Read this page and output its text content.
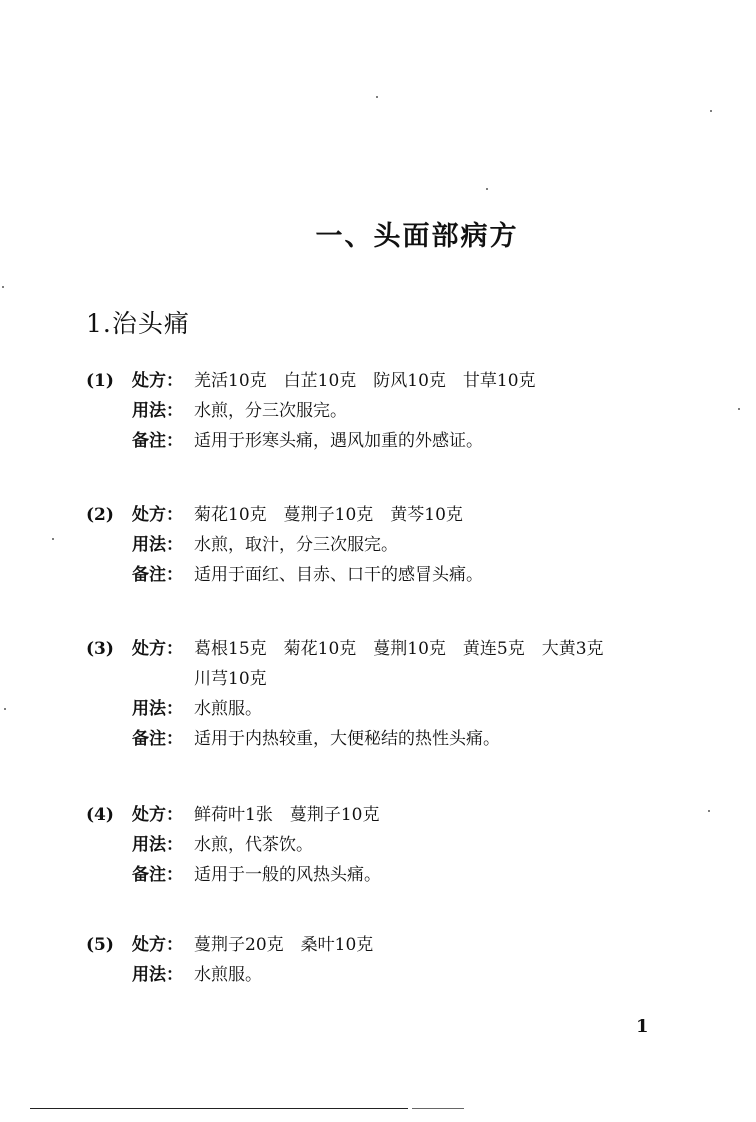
一、头面部病方
1.治头痛
(1)	处方： 羌活10克　白芷10克　防风10克　甘草10克
用法： 水煎，分三次服完。
备注： 适用于形寒头痛，遇风加重的外感证。
(2)	处方： 菊花10克　蔓荆子10克　黄芩10克
用法： 水煎，取汁，分三次服完。
备注： 适用于面红、目赤、口干的感冒头痛。
(3)	处方： 葛根15克　菊花10克　蔓荆10克　黄连5克　大黄3克　川芎10克
用法： 水煎服。
备注： 适用于内热较重，大便秘结的热性头痛。
(4)	处方： 鲜荷叶1张　蔓荆子10克
用法： 水煎，代茶饮。
备注： 适用于一般的风热头痛。
(5)	处方： 蔓荆子20克　桑叶10克
用法： 水煎服。
1
